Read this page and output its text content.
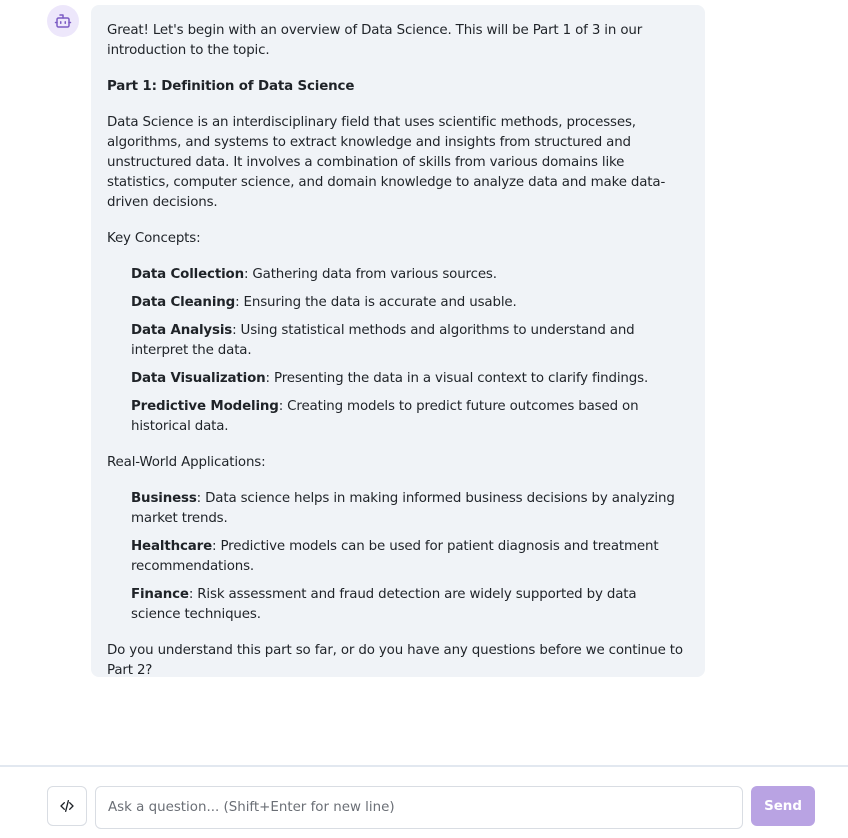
Great! Let's begin with an overview of Data Science. This will be Part 1 of 3 in our introduction to the topic.

Part 1: Definition of Data Science

Data Science is an interdisciplinary field that uses scientific methods, processes, algorithms, and systems to extract knowledge and insights from structured and unstructured data. It involves a combination of skills from various domains like statistics, computer science, and domain knowledge to analyze data and make data-driven decisions.

Key Concepts:

Data Collection: Gathering data from various sources.
Data Cleaning: Ensuring the data is accurate and usable.
Data Analysis: Using statistical methods and algorithms to understand and interpret the data.
Data Visualization: Presenting the data in a visual context to clarify findings.
Predictive Modeling: Creating models to predict future outcomes based on historical data.

Real-World Applications:

Business: Data science helps in making informed business decisions by analyzing market trends.
Healthcare: Predictive models can be used for patient diagnosis and treatment recommendations.
Finance: Risk assessment and fraud detection are widely supported by data science techniques.

Do you understand this part so far, or do you have any questions before we continue to Part 2?

Ask a question... (Shift+Enter for new line)
Send
